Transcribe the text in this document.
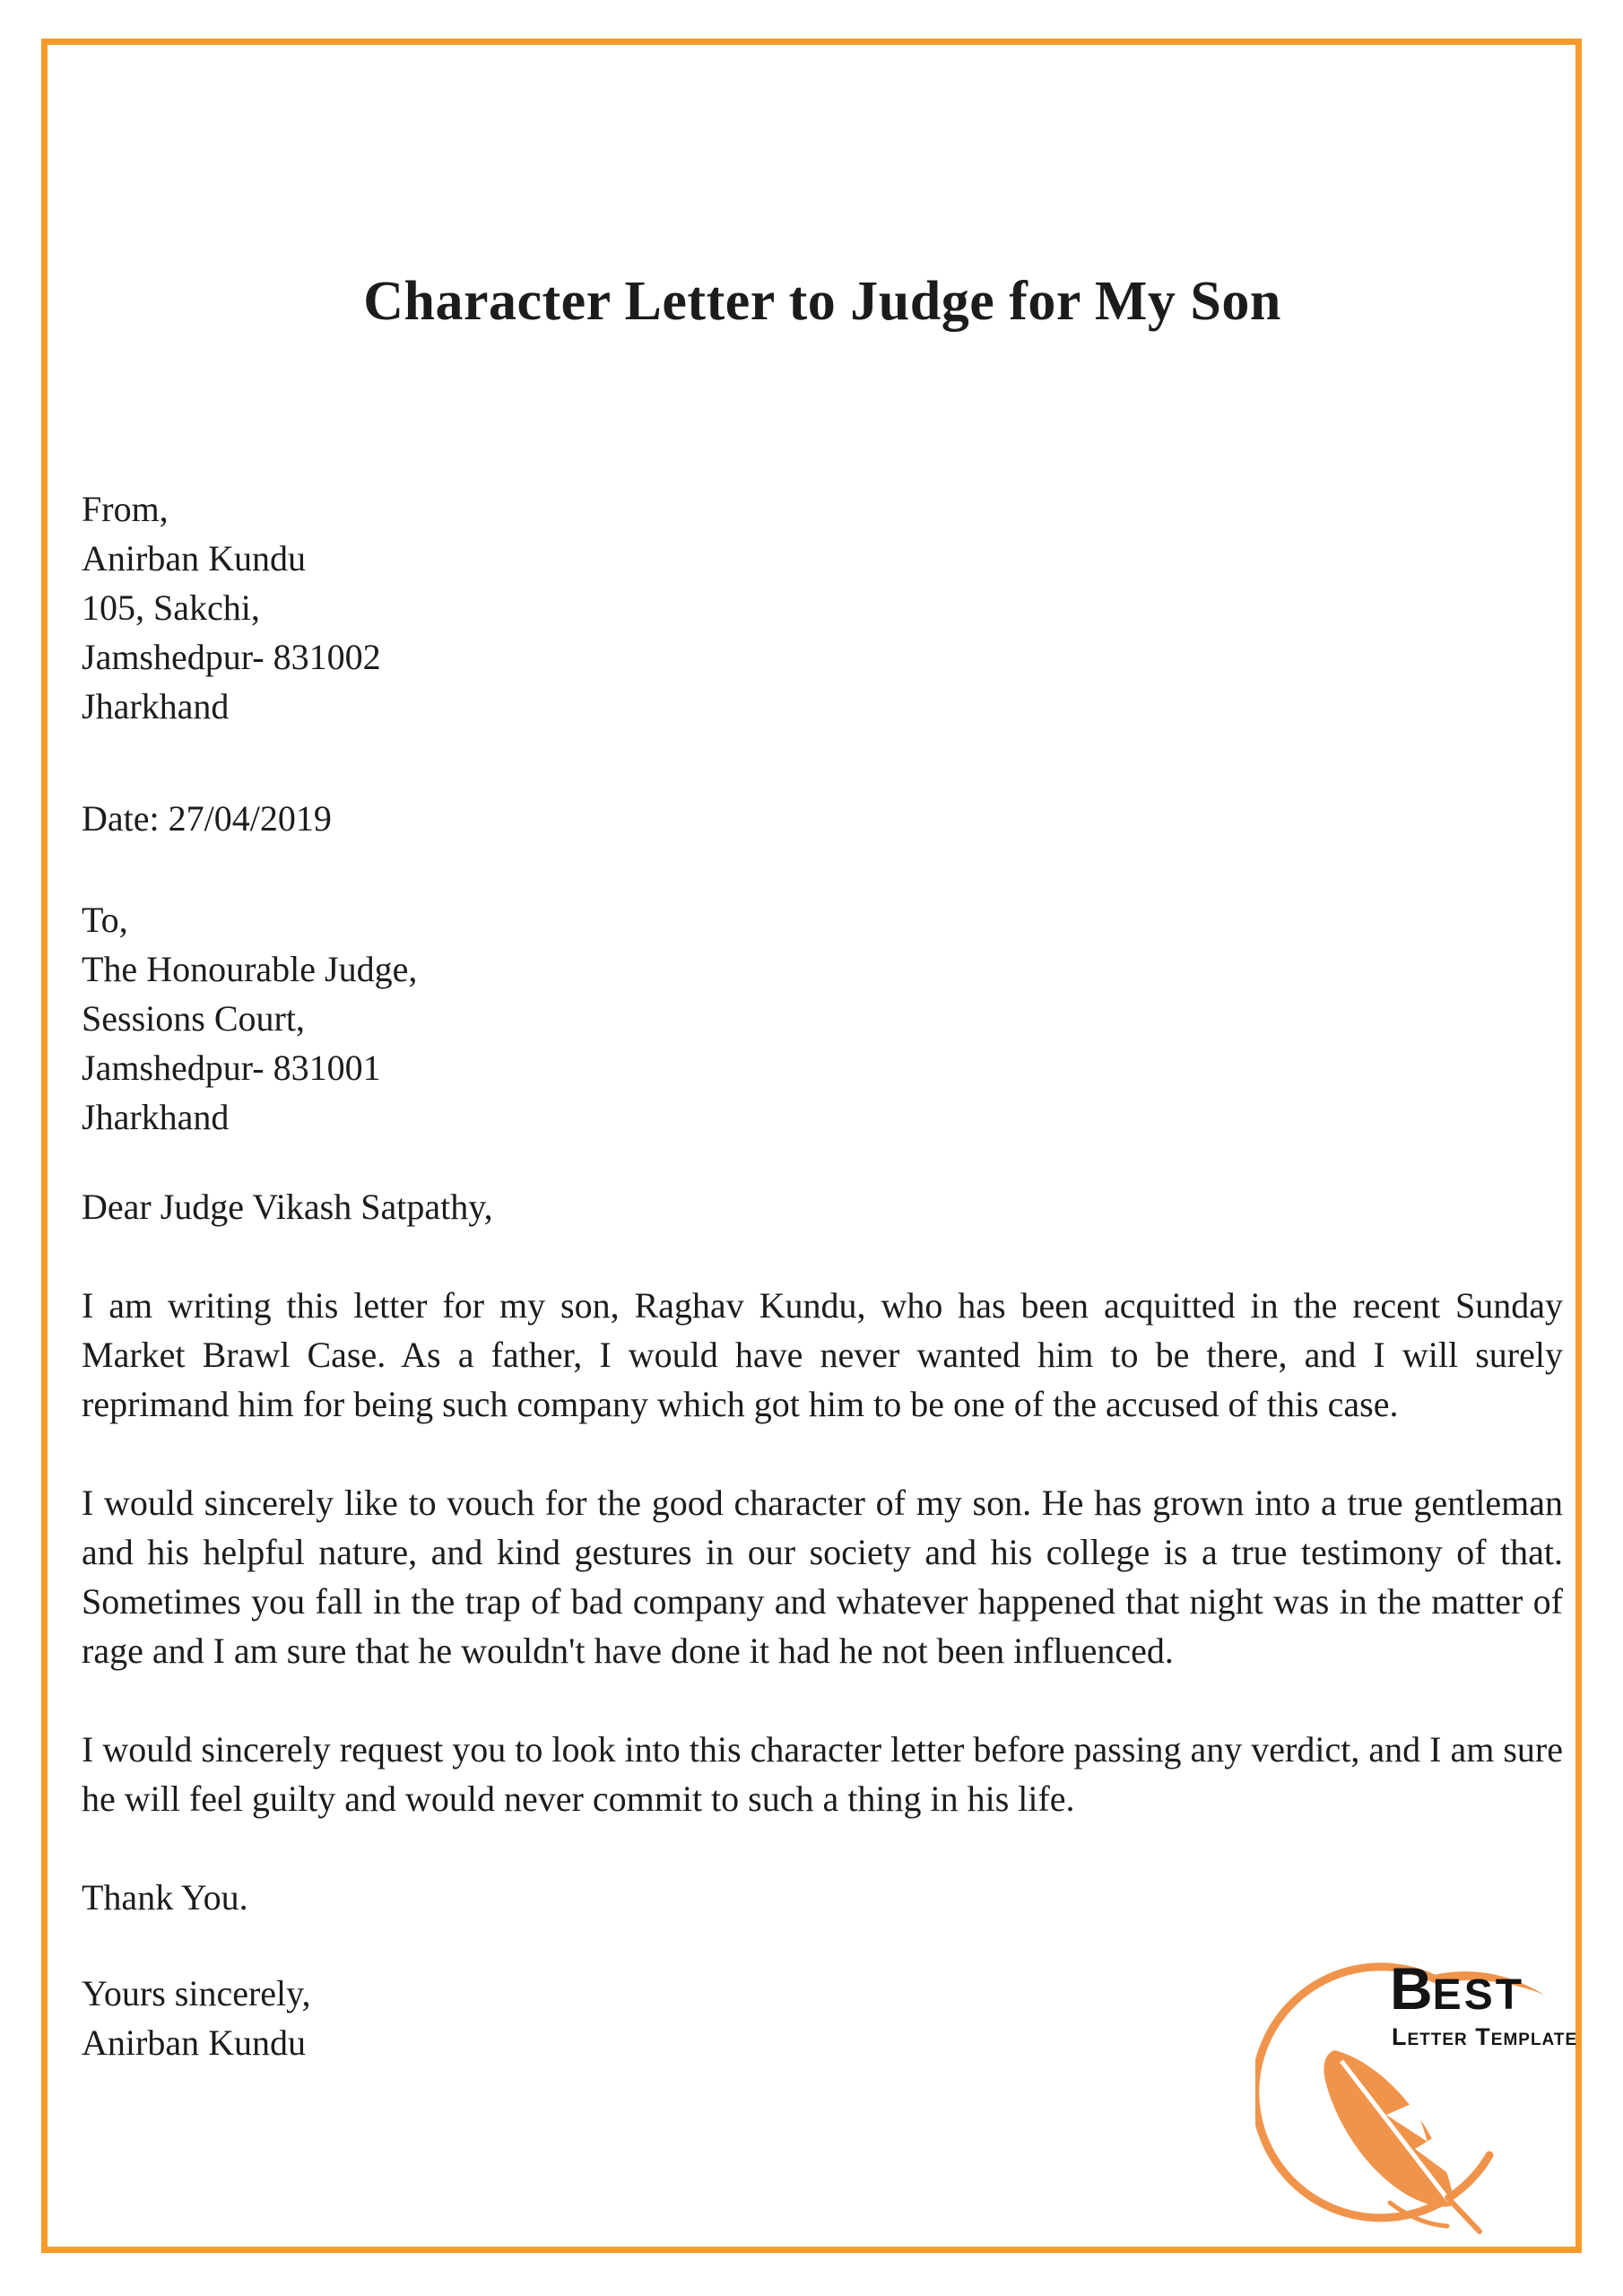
Character Letter to Judge for My Son
From,
Anirban Kundu
105, Sakchi,
Jamshedpur- 831002
Jharkhand
Date: 27/04/2019
To,
The Honourable Judge,
Sessions Court,
Jamshedpur- 831001
Jharkhand
Dear Judge Vikash Satpathy,

I am writing this letter for my son, Raghav Kundu, who has been acquitted in the recent Sunday Market Brawl Case. As a father, I would have never wanted him to be there, and I will surely reprimand him for being such company which got him to be one of the accused of this case.

I would sincerely like to vouch for the good character of my son. He has grown into a true gentleman and his helpful nature, and kind gestures in our society and his college is a true testimony of that. Sometimes you fall in the trap of bad company and whatever happened that night was in the matter of rage and I am sure that he wouldn't have done it had he not been influenced.

I would sincerely request you to look into this character letter before passing any verdict, and I am sure he will feel guilty and would never commit to such a thing in his life.

Thank You.
Yours sincerely,
Anirban Kundu
BEST
Letter Template
